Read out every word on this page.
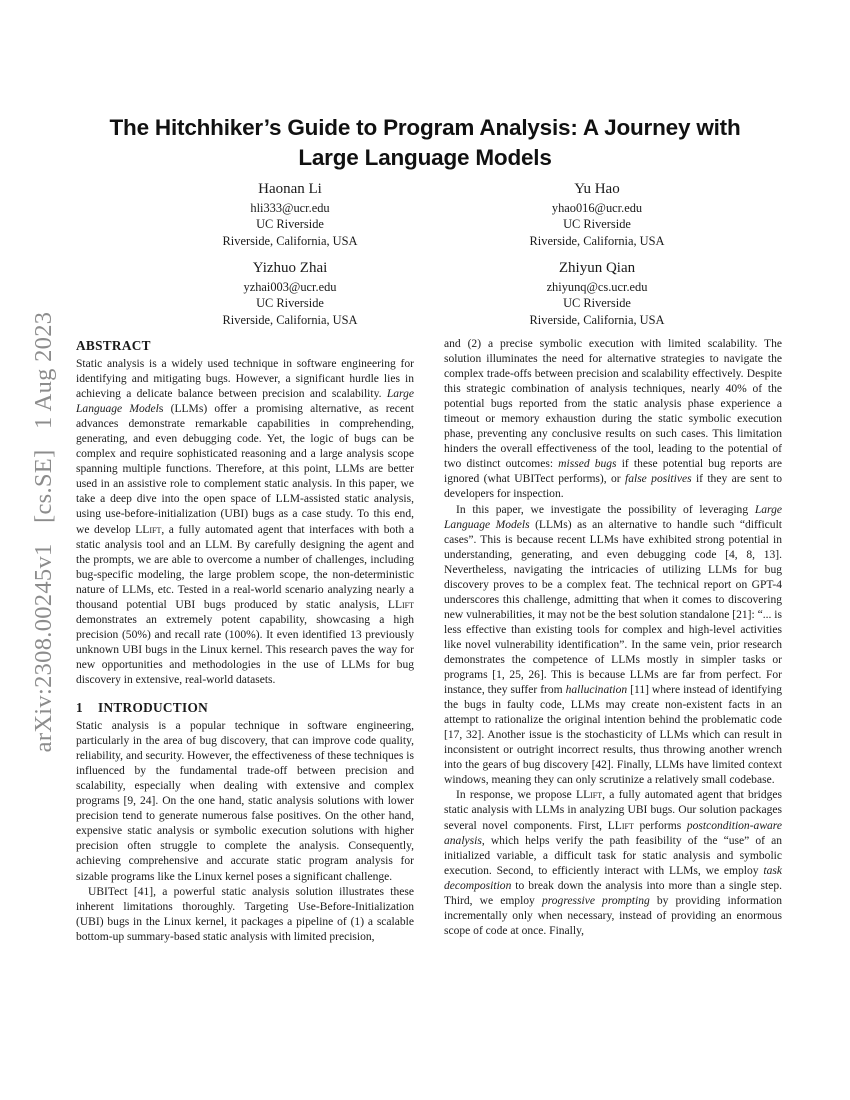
arXiv:2308.00245v1 [cs.SE] 1 Aug 2023
The Hitchhiker’s Guide to Program Analysis: A Journey with
Large Language Models
Haonan Li
hli333@ucr.edu
UC Riverside
Riverside, California, USA
Yu Hao
yhao016@ucr.edu
UC Riverside
Riverside, California, USA
Yizhuo Zhai
yzhai003@ucr.edu
UC Riverside
Riverside, California, USA
Zhiyun Qian
zhiyunq@cs.ucr.edu
UC Riverside
Riverside, California, USA
ABSTRACT

Static analysis is a widely used technique in software engineering for identifying and mitigating bugs. However, a significant hurdle lies in achieving a delicate balance between precision and scalability. Large Language Models (LLMs) offer a promising alternative, as recent advances demonstrate remarkable capabilities in comprehending, generating, and even debugging code. Yet, the logic of bugs can be complex and require sophisticated reasoning and a large analysis scope spanning multiple functions. Therefore, at this point, LLMs are better used in an assistive role to complement static analysis. In this paper, we take a deep dive into the open space of LLM-assisted static analysis, using use-before-initialization (UBI) bugs as a case study. To this end, we develop LLift, a fully automated agent that interfaces with both a static analysis tool and an LLM. By carefully designing the agent and the prompts, we are able to overcome a number of challenges, including bug-specific modeling, the large problem scope, the non-deterministic nature of LLMs, etc. Tested in a real-world scenario analyzing nearly a thousand potential UBI bugs produced by static analysis, LLift demonstrates an extremely potent capability, showcasing a high precision (50%) and recall rate (100%). It even identified 13 previously unknown UBI bugs in the Linux kernel. This research paves the way for new opportunities and methodologies in the use of LLMs for bug discovery in extensive, real-world datasets.

1 INTRODUCTION

Static analysis is a popular technique in software engineering, particularly in the area of bug discovery, that can improve code quality, reliability, and security. However, the effectiveness of these techniques is influenced by the fundamental trade-off between precision and scalability, especially when dealing with extensive and complex programs [9, 24]. On the one hand, static analysis solutions with lower precision tend to generate numerous false positives. On the other hand, expensive static analysis or symbolic execution solutions with higher precision often struggle to complete the analysis. Consequently, achieving comprehensive and accurate static program analysis for sizable programs like the Linux kernel poses a significant challenge.

UBITect [41], a powerful static analysis solution illustrates these inherent limitations thoroughly. Targeting Use-Before-Initialization (UBI) bugs in the Linux kernel, it packages a pipeline of (1) a scalable bottom-up summary-based static analysis with limited precision,

and (2) a precise symbolic execution with limited scalability. The solution illuminates the need for alternative strategies to navigate the complex trade-offs between precision and scalability effectively. Despite this strategic combination of analysis techniques, nearly 40% of the potential bugs reported from the static analysis phase experience a timeout or memory exhaustion during the static symbolic execution phase, preventing any conclusive results on such cases. This limitation hinders the overall effectiveness of the tool, leading to the potential of two distinct outcomes: missed bugs if these potential bug reports are ignored (what UBITect performs), or false positives if they are sent to developers for inspection.

In this paper, we investigate the possibility of leveraging Large Language Models (LLMs) as an alternative to handle such “difficult cases”. This is because recent LLMs have exhibited strong potential in understanding, generating, and even debugging code [4, 8, 13]. Nevertheless, navigating the intricacies of utilizing LLMs for bug discovery proves to be a complex feat. The technical report on GPT-4 underscores this challenge, admitting that when it comes to discovering new vulnerabilities, it may not be the best solution standalone [21]: “... is less effective than existing tools for complex and high-level activities like novel vulnerability identification”. In the same vein, prior research demonstrates the competence of LLMs mostly in simpler tasks or programs [1, 25, 26]. This is because LLMs are far from perfect. For instance, they suffer from hallucination [11] where instead of identifying the bugs in faulty code, LLMs may create non-existent facts in an attempt to rationalize the original intention behind the problematic code [17, 32]. Another issue is the stochasticity of LLMs which can result in inconsistent or outright incorrect results, thus throwing another wrench into the gears of bug discovery [42]. Finally, LLMs have limited context windows, meaning they can only scrutinize a relatively small codebase.

In response, we propose LLift, a fully automated agent that bridges static analysis with LLMs in analyzing UBI bugs. Our solution packages several novel components. First, LLift performs postcondition-aware analysis, which helps verify the path feasibility of the “use” of an initialized variable, a difficult task for static analysis and symbolic execution. Second, to efficiently interact with LLMs, we employ task decomposition to break down the analysis into more than a single step. Third, we employ progressive prompting by providing information incrementally only when necessary, instead of providing an enormous scope of code at once. Finally,
